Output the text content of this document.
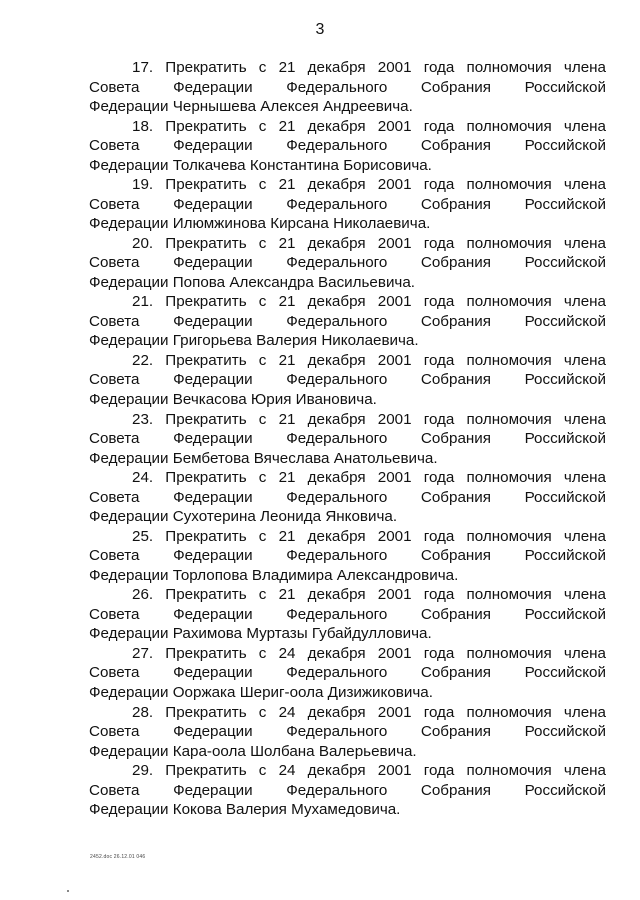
3
17. Прекратить с 21 декабря 2001 года полномочия члена
Совета Федерации Федерального Собрания Российской
Федерации Чернышева Алексея Андреевича.
18. Прекратить с 21 декабря 2001 года полномочия члена
Совета Федерации Федерального Собрания Российской
Федерации Толкачева Константина Борисовича.
19. Прекратить с 21 декабря 2001 года полномочия члена
Совета Федерации Федерального Собрания Российской
Федерации Илюмжинова Кирсана Николаевича.
20. Прекратить с 21 декабря 2001 года полномочия члена
Совета Федерации Федерального Собрания Российской
Федерации Попова Александра Васильевича.
21. Прекратить с 21 декабря 2001 года полномочия члена
Совета Федерации Федерального Собрания Российской
Федерации Григорьева Валерия Николаевича.
22. Прекратить с 21 декабря 2001 года полномочия члена
Совета Федерации Федерального Собрания Российской
Федерации Вечкасова Юрия Ивановича.
23. Прекратить с 21 декабря 2001 года полномочия члена
Совета Федерации Федерального Собрания Российской
Федерации Бембетова Вячеслава Анатольевича.
24. Прекратить с 21 декабря 2001 года полномочия члена
Совета Федерации Федерального Собрания Российской
Федерации Сухотерина Леонида Янковича.
25. Прекратить с 21 декабря 2001 года полномочия члена
Совета Федерации Федерального Собрания Российской
Федерации Торлопова Владимира Александровича.
26. Прекратить с 21 декабря 2001 года полномочия члена
Совета Федерации Федерального Собрания Российской
Федерации Рахимова Муртазы Губайдулловича.
27. Прекратить с 24 декабря 2001 года полномочия члена
Совета Федерации Федерального Собрания Российской
Федерации Ооржака Шериг-оола Дизижиковича.
28. Прекратить с 24 декабря 2001 года полномочия члена
Совета Федерации Федерального Собрания Российской
Федерации Кара-оола Шолбана Валерьевича.
29. Прекратить с 24 декабря 2001 года полномочия члена
Совета Федерации Федерального Собрания Российской
Федерации Кокова Валерия Мухамедовича.
2452.doc 26.12.01 046
